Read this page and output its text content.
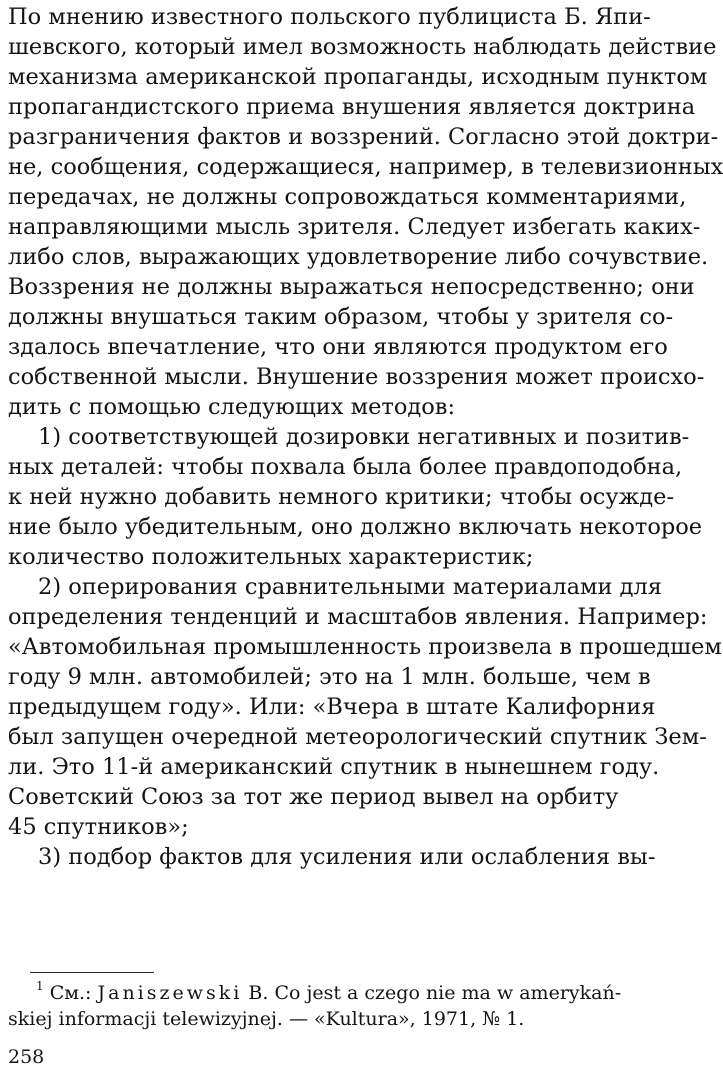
По мнению известного польского публициста Б. Япи-
шевского, который имел возможность наблюдать действие
механизма американской пропаганды, исходным пунктом
пропагандистского приема внушения является доктрина
разграничения фактов и воззрений. Согласно этой доктри-
не, сообщения, содержащиеся, например, в телевизионных
передачах, не должны сопровождаться комментариями,
направляющими мысль зрителя. Следует избегать каких-
либо слов, выражающих удовлетворение либо сочувствие.
Воззрения не должны выражаться непосредственно; они
должны внушаться таким образом, чтобы у зрителя со-
здалось впечатление, что они являются продуктом его
собственной мысли. Внушение воззрения может происхо-
дить с помощью следующих методов:
1) соответствующей дозировки негативных и позитив-
ных деталей: чтобы похвала была более правдоподобна,
к ней нужно добавить немного критики; чтобы осужде-
ние было убедительным, оно должно включать некоторое
количество положительных характеристик;
2) оперирования сравнительными материалами для
определения тенденций и масштабов явления. Например:
«Автомобильная промышленность произвела в прошедшем
году 9 млн. автомобилей; это на 1 млн. больше, чем в
предыдущем году». Или: «Вчера в штате Калифорния
был запущен очередной метеорологический спутник Зем-
ли. Это 11-й американский спутник в нынешнем году.
Советский Союз за тот же период вывел на орбиту
45 спутников»;
3) подбор фактов для усиления или ослабления вы-
$^1$ См.: Janiszewski В. Co jest a czego nie ma w amerykań-
skiej informacji telewizyjnej. — «Kultura», 1971, № 1.
258
